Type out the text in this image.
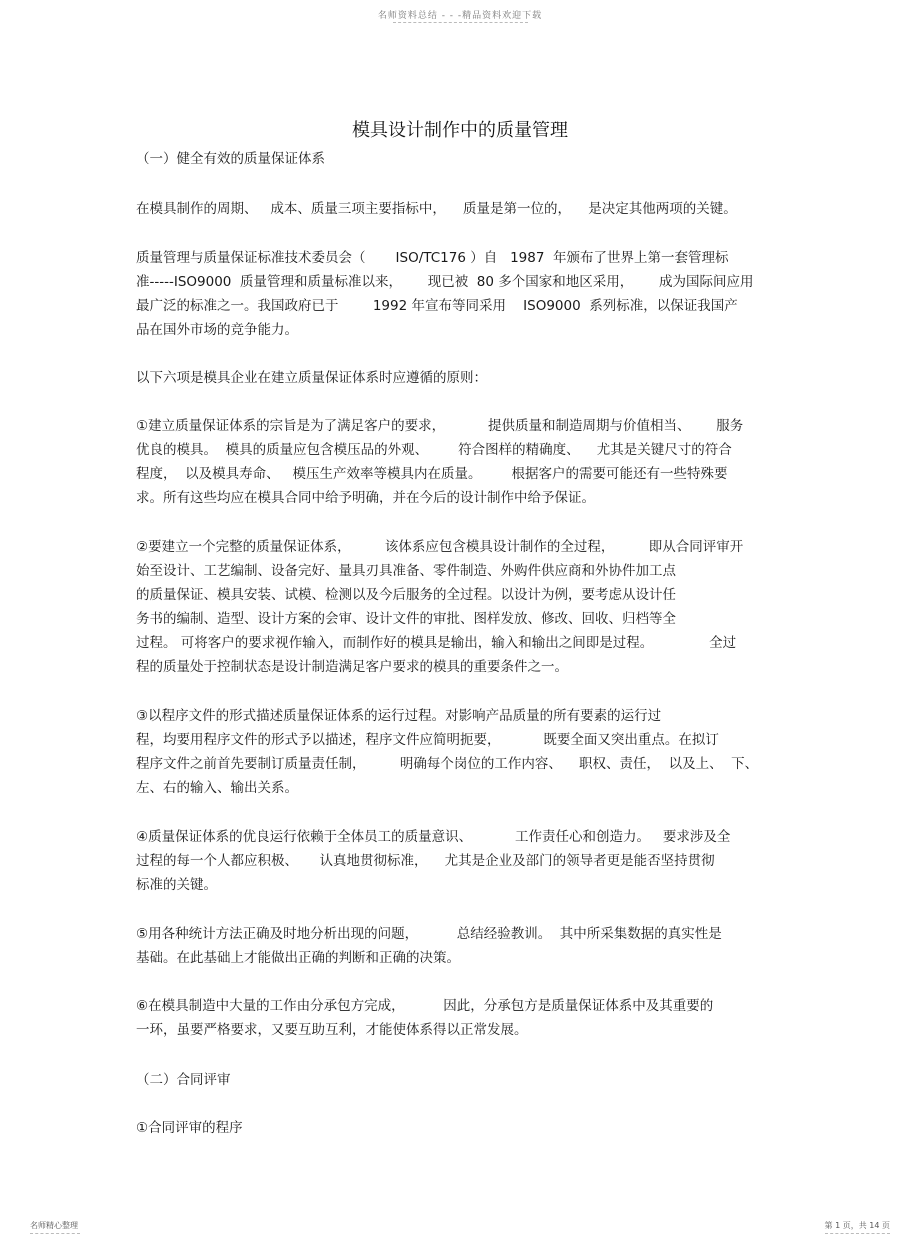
名师资料总结 - - -精品资料欢迎下载
模具设计制作中的质量管理
（一）健全有效的质量保证体系
在模具制作的周期、   成本、质量三项主要指标中，    质量是第一位的，    是决定其他两项的关键。
质量管理与质量保证标准技术委员会（       ISO/TC176 ）自   1987  年颁布了世界上第一套管理标
准-----ISO9000  质量管理和质量标准以来，      现已被  80 多个国家和地区采用，      成为国际间应用
最广泛的标准之一。我国政府已于        1992 年宣布等同采用    ISO9000  系列标准，以保证我国产
品在国外市场的竞争能力。
以下六项是模具企业在建立质量保证体系时应遵循的原则：
①建立质量保证体系的宗旨是为了满足客户的要求，          提供质量和制造周期与价值相当、      服务
优良的模具。  模具的质量应包含模压品的外观、       符合图样的精确度、    尤其是关键尺寸的符合
程度，  以及模具寿命、   模压生产效率等模具内在质量。       根据客户的需要可能还有一些特殊要
求。所有这些均应在模具合同中给予明确，并在今后的设计制作中给予保证。
②要建立一个完整的质量保证体系，        该体系应包含模具设计制作的全过程，        即从合同评审开
始至设计、工艺编制、设备完好、量具刃具准备、零件制造、外购件供应商和外协件加工点
的质量保证、模具安装、试模、检测以及今后服务的全过程。以设计为例，要考虑从设计任
务书的编制、造型、设计方案的会审、设计文件的审批、图样发放、修改、回收、归档等全
过程。 可将客户的要求视作输入，而制作好的模具是输出，输入和输出之间即是过程。             全过
程的质量处于控制状态是设计制造满足客户要求的模具的重要条件之一。
③以程序文件的形式描述质量保证体系的运行过程。对影响产品质量的所有要素的运行过
程，均要用程序文件的形式予以描述，程序文件应简明扼要，          既要全面又突出重点。在拟订
程序文件之前首先要制订质量责任制，        明确每个岗位的工作内容、    职权、责任，  以及上、  下、
左、右的输入、输出关系。
④质量保证体系的优良运行依赖于全体员工的质量意识、          工作责任心和创造力。   要求涉及全
过程的每一个人都应积极、     认真地贯彻标准，    尤其是企业及部门的领导者更是能否坚持贯彻
标准的关键。
⑤用各种统计方法正确及时地分析出现的问题，         总结经验教训。  其中所采集数据的真实性是
基础。在此基础上才能做出正确的判断和正确的决策。
⑥在模具制造中大量的工作由分承包方完成，         因此，分承包方是质量保证体系中及其重要的
一环，虽要严格要求，又要互助互利，才能使体系得以正常发展。
（二）合同评审
①合同评审的程序
名师精心整理	第 1 页，共 14 页
